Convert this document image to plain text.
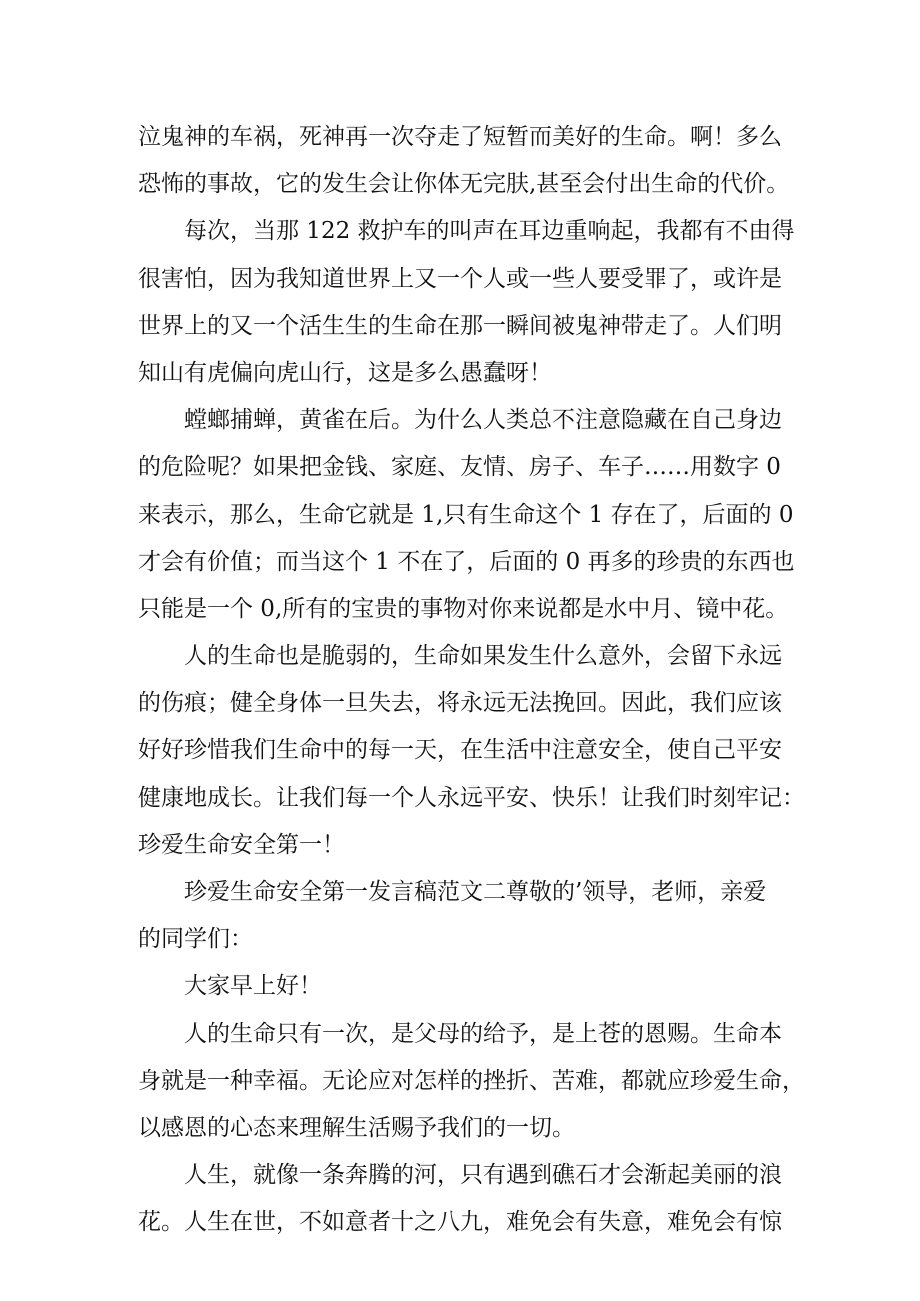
泣鬼神的车祸，死神再一次夺走了短暂而美好的生命。啊！多么
恐怖的事故，它的发生会让你体无完肤,甚至会付出生命的代价。
每次，当那 122 救护车的叫声在耳边重响起，我都有不由得
很害怕，因为我知道世界上又一个人或一些人要受罪了，或许是
世界上的又一个活生生的生命在那一瞬间被鬼神带走了。人们明
知山有虎偏向虎山行，这是多么愚蠢呀！
螳螂捕蝉，黄雀在后。为什么人类总不注意隐藏在自己身边
的危险呢？如果把金钱、家庭、友情、房子、车子……用数字 0
来表示，那么，生命它就是 1,只有生命这个 1 存在了，后面的 0
才会有价值；而当这个 1 不在了，后面的 0 再多的珍贵的东西也
只能是一个 0,所有的宝贵的事物对你来说都是水中月、镜中花。
人的生命也是脆弱的，生命如果发生什么意外，会留下永远
的伤痕；健全身体一旦失去，将永远无法挽回。因此，我们应该
好好珍惜我们生命中的每一天，在生活中注意安全，使自己平安
健康地成长。让我们每一个人永远平安、快乐！让我们时刻牢记：
珍爱生命安全第一！
珍爱生命安全第一发言稿范文二尊敬的’领导，老师，亲爱
的同学们：
大家早上好！
人的生命只有一次，是父母的给予，是上苍的恩赐。生命本
身就是一种幸福。无论应对怎样的挫折、苦难，都就应珍爱生命，
以感恩的心态来理解生活赐予我们的一切。
人生，就像一条奔腾的河，只有遇到礁石才会渐起美丽的浪
花。人生在世，不如意者十之八九，难免会有失意，难免会有惊
